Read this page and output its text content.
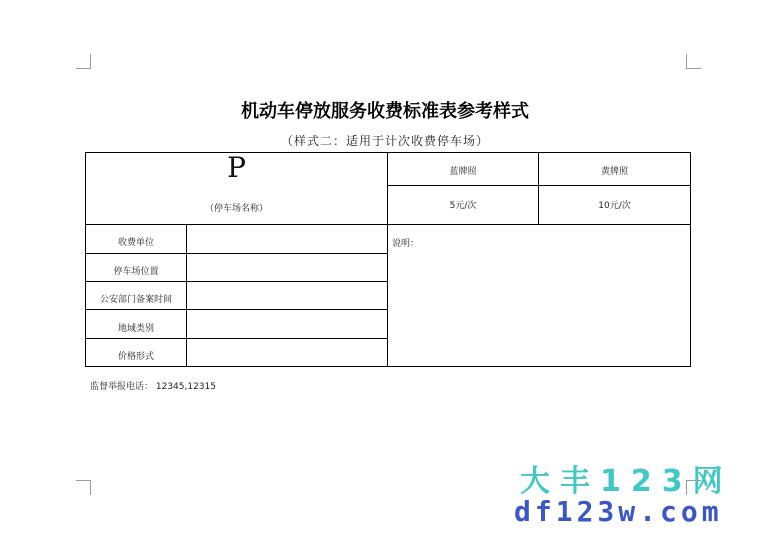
机动车停放服务收费标准表参考样式
（样式二：适用于计次收费停车场）
P
（停车场名称）
蓝牌照	黄牌照
5元/次	10元/次
收费单位
停车场位置
公安部门备案时间
地域类别
价格形式
说明：
监督举报电话： 12345,12315
大丰123网
df123w.com
